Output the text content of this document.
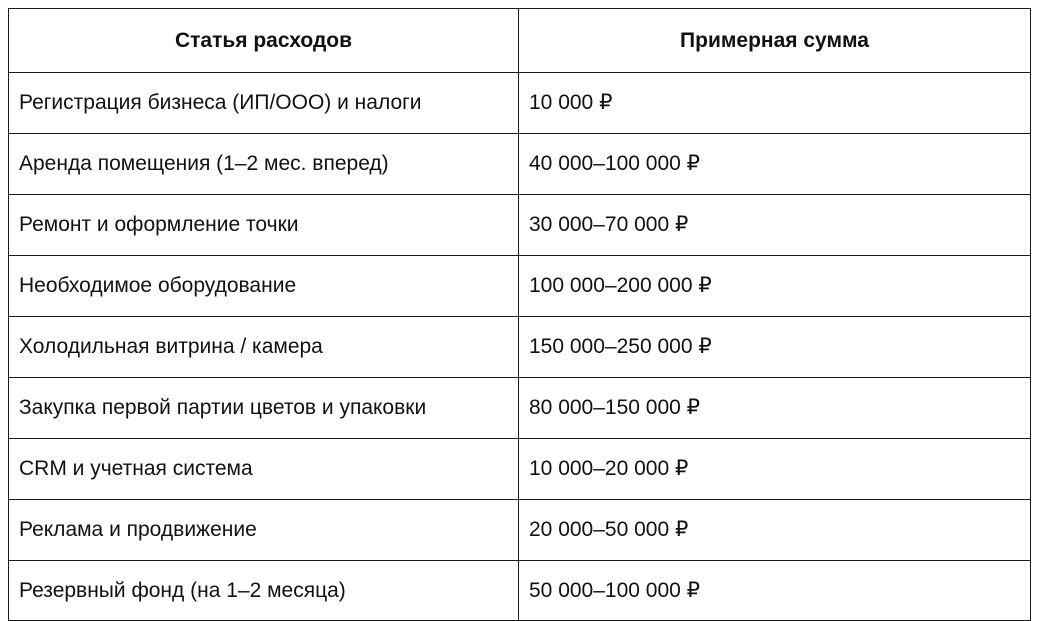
Статья расходов	Примерная сумма
Регистрация бизнеса (ИП/ООО) и налоги	10 000 ₽
Аренда помещения (1–2 мес. вперед)	40 000–100 000 ₽
Ремонт и оформление точки	30 000–70 000 ₽
Необходимое оборудование	100 000–200 000 ₽
Холодильная витрина / камера	150 000–250 000 ₽
Закупка первой партии цветов и упаковки	80 000–150 000 ₽
CRM и учетная система	10 000–20 000 ₽
Реклама и продвижение	20 000–50 000 ₽
Резервный фонд (на 1–2 месяца)	50 000–100 000 ₽
